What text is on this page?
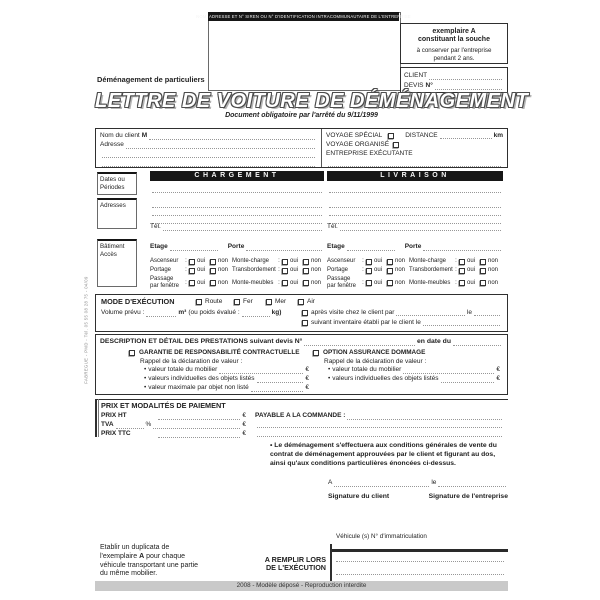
FABREGUE - PMD - Tél. 05 55 08 28 75 - 04/09
NOM, ADRESSE ET N° SIREN OU N° D'IDENTIFICATION INTRACOMMUNAUTAIRE DE L'ENTREPRISE
Déménagement de particuliers
exemplaire A
constituant la souche
à conserver par l'entreprise
pendant 2 ans.
CLIENT
DEVIS N°
LETTRE DE VOITURE DE DÉMÉNAGEMENT
Document obligatoire par l'arrêté du 9/11/1999
Nom du client M
Adresse
VOYAGE SPÉCIAL	DISTANCE	km
VOYAGE ORGANISÉ
ENTREPRISE EXÉCUTANTE
Dates ou Périodes
Adresses
Bâtiment
Accès
CHARGEMENT
Tél.
Etage	Porte
Ascenseur	: oui	non Monte-charge	: oui	non
Portage	: oui	non Transbordement : oui	non
Passage
par fenêtre
: oui	non Monte-meubles : oui	non
LIVRAISON
Tél.
Etage	Porte
Ascenseur	: oui	non Monte-charge	: oui	non
Portage	: oui	non Transbordement : oui	non
Passage
par fenêtre
: oui	non Monte-meubles : oui	non
MODE D'EXÉCUTION	Route	Fer	Mer	Air
Volume prévu :	m³ (ou poids évalué :	kg)	après visite chez le client par	le
suivant inventaire établi par le client le
DESCRIPTION ET DÉTAIL DES PRESTATIONS suivant devis N°	en date du
GARANTIE DE RESPONSABILITÉ CONTRACTUELLE
Rappel de la déclaration de valeur :
• valeur totale du mobilier	€
• valeurs individuelles des objets listés	€
• valeur maximale par objet non listé	€
OPTION ASSURANCE DOMMAGE
Rappel de la déclaration de valeur :
• valeur totale du mobilier	€
• valeurs individuelles des objets listés	€
PRIX ET MODALITÉS DE PAIEMENT
PRIX HT	€
TVA	%	€
PRIX TTC	€
PAYABLE A LA COMMANDE :
• Le déménagement s'effectuera aux conditions générales de vente du contrat de déménagement approuvées par le client et figurant au dos, ainsi qu'aux conditions particulières énoncées ci-dessus.
A	le
Signature du client	Signature de l'entreprise
Etablir un duplicata de l'exemplaire A pour chaque véhicule transportant une partie du même mobilier.
A REMPLIR LORS
DE L'EXÉCUTION
Véhicule (s) N° d'immatriculation
2008 - Modèle déposé - Reproduction interdite
